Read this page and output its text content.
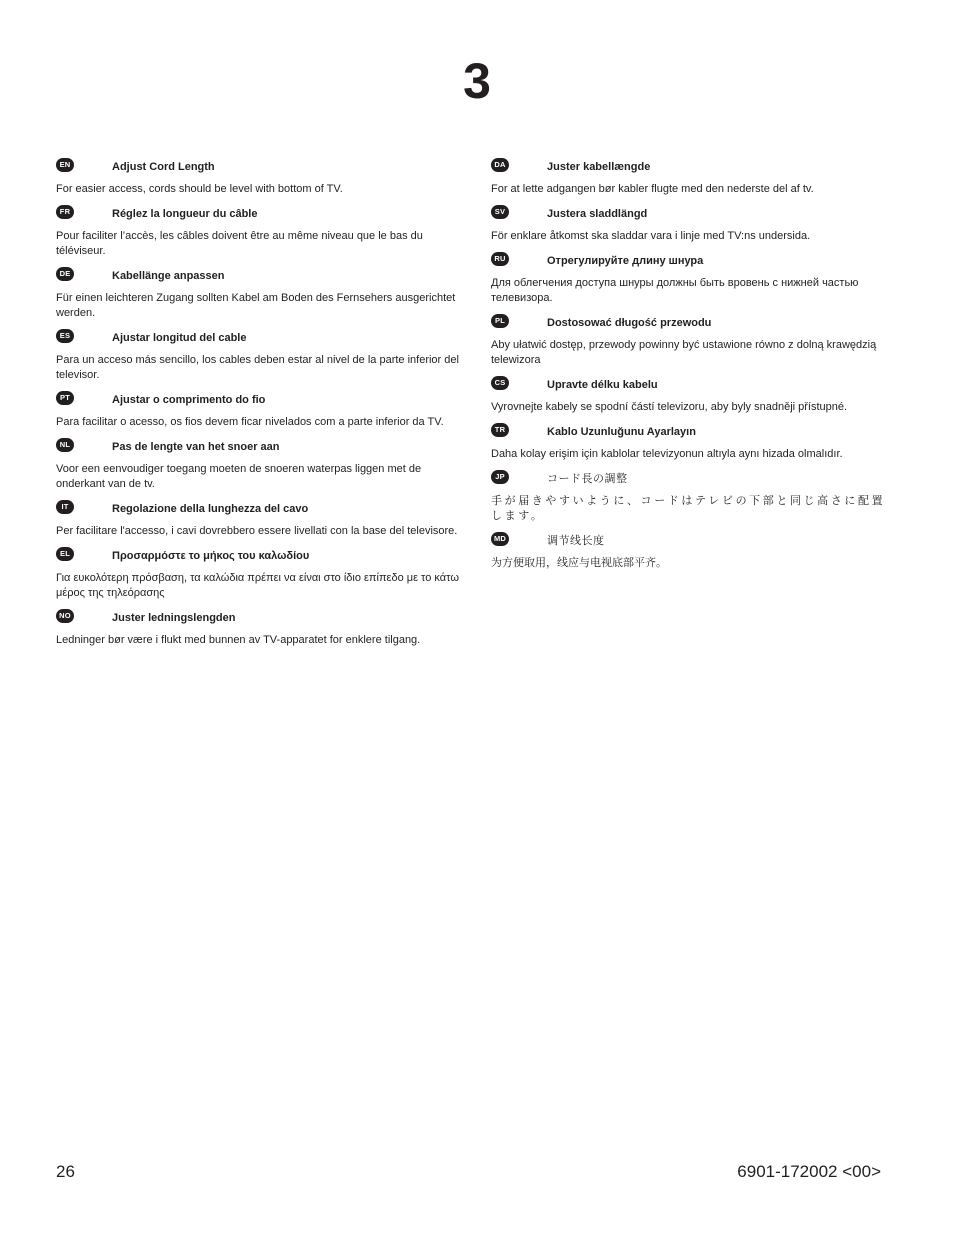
3
EN	Adjust Cord Length

For easier access, cords should be level with bottom of TV.

FR	Réglez la longueur du câble

Pour faciliter l’accès, les câbles doivent être au même niveau que le bas du téléviseur.

DE	Kabellänge anpassen

Für einen leichteren Zugang sollten Kabel am Boden des Fernsehers ausgerichtet werden.

ES	Ajustar longitud del cable

Para un acceso más sencillo, los cables deben estar al nivel de la parte inferior del televisor.

PT	Ajustar o comprimento do fio

Para facilitar o acesso, os fios devem ficar nivelados com a parte inferior da TV.

NL	Pas de lengte van het snoer aan

Voor een eenvoudiger toegang moeten de snoeren waterpas liggen met de onderkant van de tv.

IT	Regolazione della lunghezza del cavo

Per facilitare l'accesso, i cavi dovrebbero essere livellati con la base del televisore.

EL	Προσαρμόστε το μήκος του καλωδίου

Για ευκολότερη πρόσβαση, τα καλώδια πρέπει να είναι στο ίδιο επίπεδο με το κάτω μέρος της τηλεόρασης

NO	Juster ledningslengden

Ledninger bør være i flukt med bunnen av TV-apparatet for enklere tilgang.

DA	Juster kabellængde

For at lette adgangen bør kabler flugte med den nederste del af tv.

SV	Justera sladdlängd

För enklare åtkomst ska sladdar vara i linje med TV:ns undersida.

RU	Отрегулируйте длину шнура

Для облегчения доступа шнуры должны быть вровень с нижней частью телевизора.

PL	Dostosować długość przewodu

Aby ułatwić dostęp, przewody powinny być ustawione równo z dolną krawędzią telewizora

CS	Upravte délku kabelu

Vyrovnejte kabely se spodní částí televizoru, aby byly snadněji přístupné.

TR	Kablo Uzunluğunu Ayarlayın

Daha kolay erişim için kablolar televizyonun altıyla aynı hizada olmalıdır.

JP	コード長の調整

手が届きやすいように、コードはテレビの下部と同じ高さに配置します。

MD	调节线长度

为方便取用，线应与电视底部平齐。

26	6901-172002 <00>
